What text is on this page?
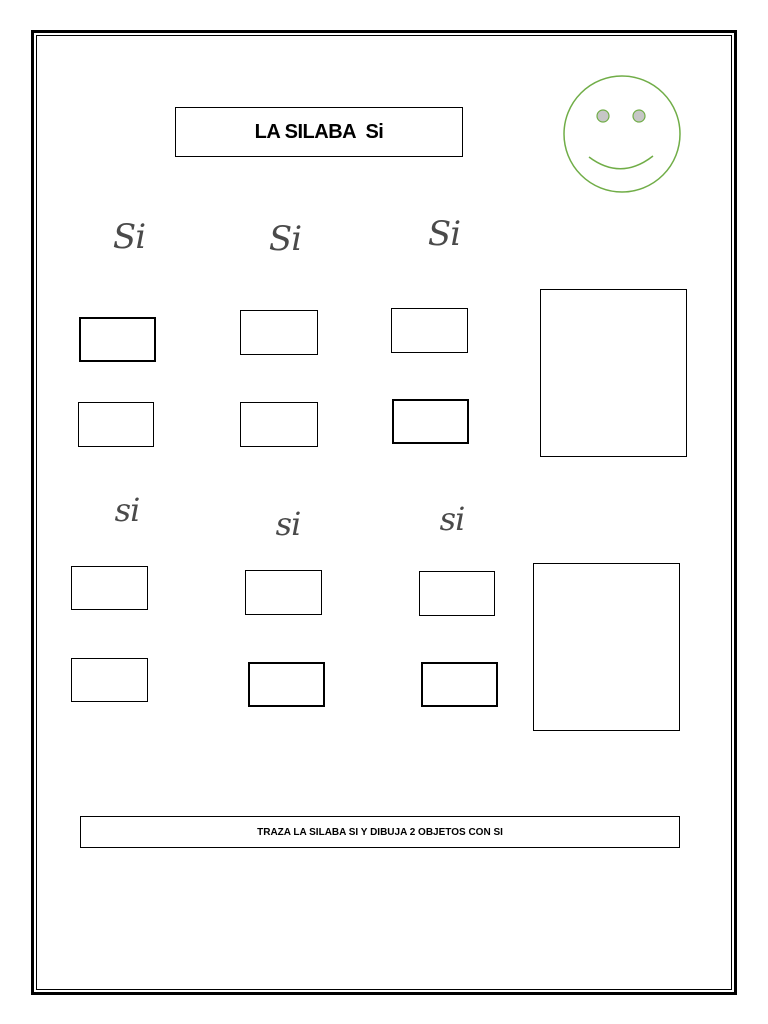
LA SILABA  Si
Si	Si	Si
si	si	si
TRAZA LA SILABA SI Y DIBUJA 2 OBJETOS CON SI
